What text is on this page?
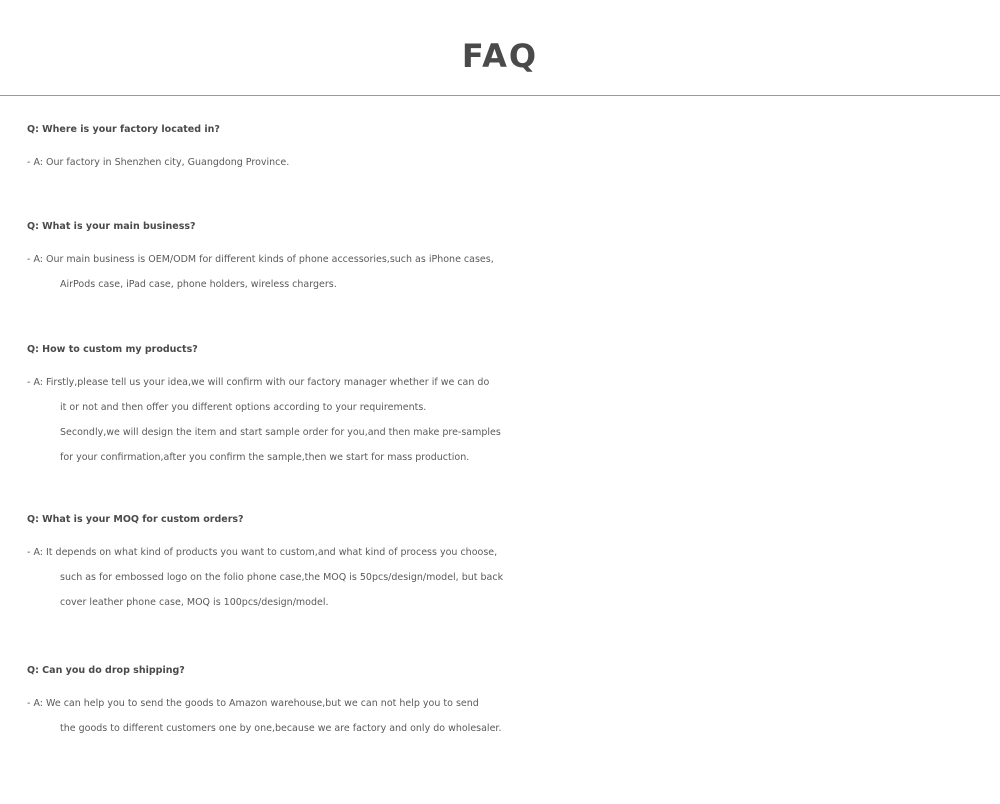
FAQ
Q: Where is your factory located in?
- A: Our factory in Shenzhen city, Guangdong Province.
Q: What is your main business?
- A: Our main business is OEM/ODM for different kinds of phone accessories,such as iPhone cases,
AirPods case, iPad case, phone holders, wireless chargers.
Q: How to custom my products?
- A: Firstly,please tell us your idea,we will confirm with our factory manager whether if we can do
it or not and then offer you different options according to your requirements.
Secondly,we will design the item and start sample order for you,and then make pre-samples
for your confirmation,after you confirm the sample,then we start for mass production.
Q: What is your MOQ for custom orders?
- A: It depends on what kind of products you want to custom,and what kind of process you choose,
such as for embossed logo on the folio phone case,the MOQ is 50pcs/design/model, but back
cover leather phone case, MOQ is 100pcs/design/model.
Q: Can you do drop shipping?
- A: We can help you to send the goods to Amazon warehouse,but we can not help you to send
the goods to different customers one by one,because we are factory and only do wholesaler.
